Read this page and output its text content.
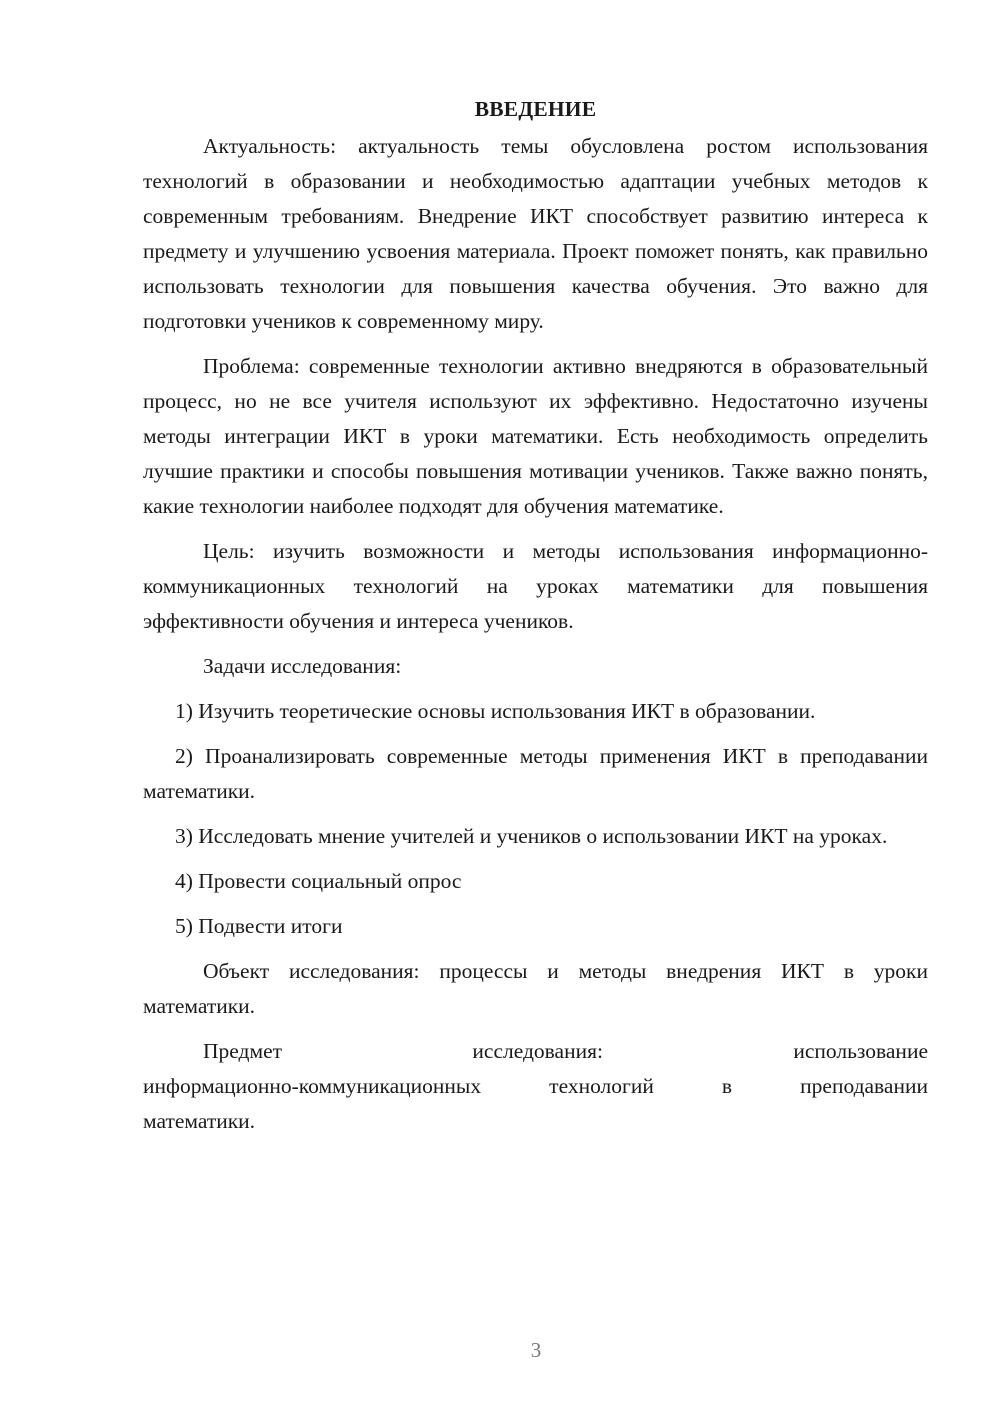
ВВЕДЕНИЕ

Актуальность: актуальность темы обусловлена ростом использования технологий в образовании и необходимостью адаптации учебных методов к современным требованиям. Внедрение ИКТ способствует развитию интереса к предмету и улучшению усвоения материала. Проект поможет понять, как правильно использовать технологии для повышения качества обучения. Это важно для подготовки учеников к современному миру.

Проблема: современные технологии активно внедряются в образовательный процесс, но не все учителя используют их эффективно. Недостаточно изучены методы интеграции ИКТ в уроки математики. Есть необходимость определить лучшие практики и способы повышения мотивации учеников. Также важно понять, какие технологии наиболее подходят для обучения математике.

Цель: изучить возможности и методы использования информационно-коммуникационных технологий на уроках математики для повышения эффективности обучения и интереса учеников.

Задачи исследования:

1) Изучить теоретические основы использования ИКТ в образовании.

2) Проанализировать современные методы применения ИКТ в преподавании математики.

3) Исследовать мнение учителей и учеников о использовании ИКТ на уроках.

4) Провести социальный опрос

5) Подвести итоги

Объект исследования: процессы и методы внедрения ИКТ в уроки математики.

Предмет исследования: использование

информационно-коммуникационных технологий в преподавании

математики.

3
